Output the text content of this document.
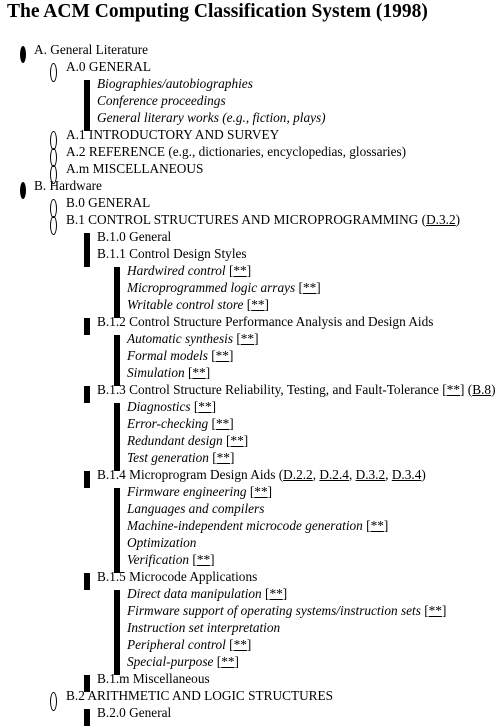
The ACM Computing Classification System (1998)
A. General Literature
A.0 GENERAL
Biographies/autobiographies
Conference proceedings
General literary works (e.g., fiction, plays)
A.1 INTRODUCTORY AND SURVEY
A.2 REFERENCE (e.g., dictionaries, encyclopedias, glossaries)
A.m MISCELLANEOUS
B. Hardware
B.0 GENERAL
B.1 CONTROL STRUCTURES AND MICROPROGRAMMING (D.3.2)
B.1.0 General
B.1.1 Control Design Styles
Hardwired control [**]
Microprogrammed logic arrays [**]
Writable control store [**]
B.1.2 Control Structure Performance Analysis and Design Aids
Automatic synthesis [**]
Formal models [**]
Simulation [**]
B.1.3 Control Structure Reliability, Testing, and Fault-Tolerance [**] (B.8)
Diagnostics [**]
Error-checking [**]
Redundant design [**]
Test generation [**]
B.1.4 Microprogram Design Aids (D.2.2, D.2.4, D.3.2, D.3.4)
Firmware engineering [**]
Languages and compilers
Machine-independent microcode generation [**]
Optimization
Verification [**]
B.1.5 Microcode Applications
Direct data manipulation [**]
Firmware support of operating systems/instruction sets [**]
Instruction set interpretation
Peripheral control [**]
Special-purpose [**]
B.1.m Miscellaneous
B.2 ARITHMETIC AND LOGIC STRUCTURES
B.2.0 General
